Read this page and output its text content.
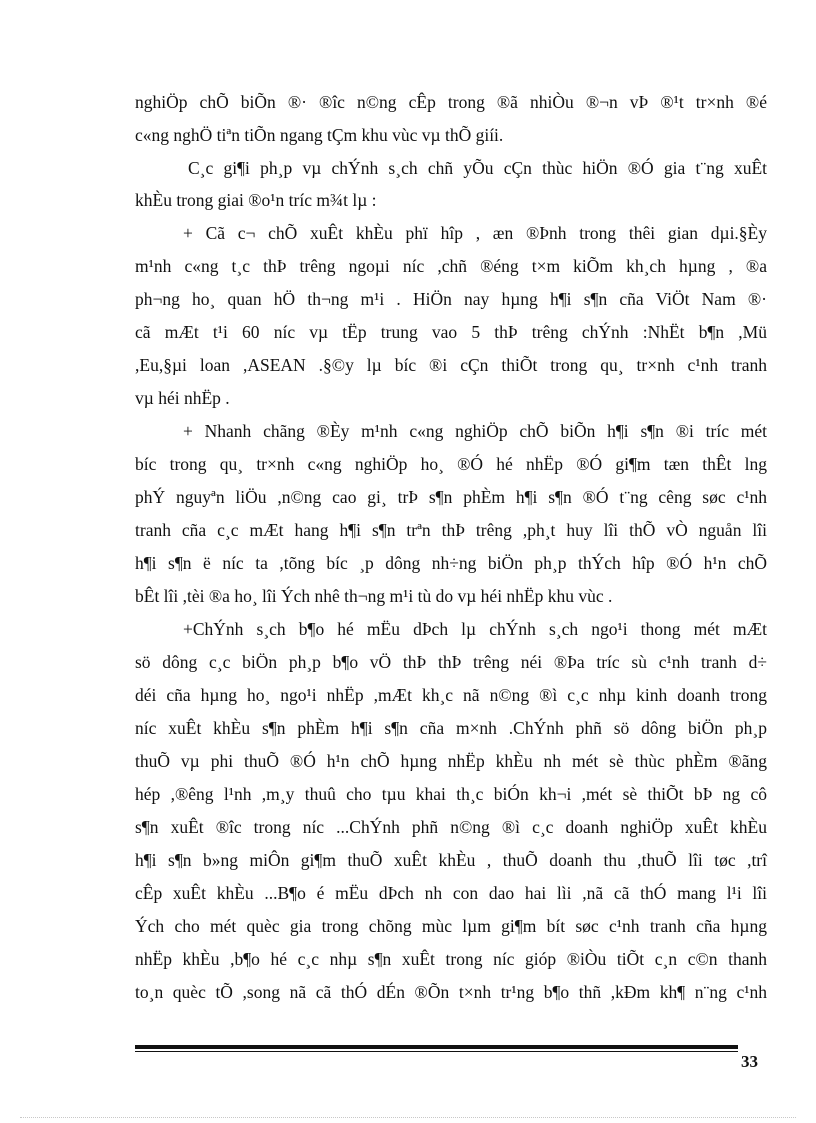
nghiÖp chÕ biÕn ®· ®îc n©ng cÊp trong ®ã nhiÒu ®¬n vÞ ®¹t tr×nh ®é
c«ng nghÖ tiªn tiÕn ngang tÇm khu vùc vµ thÕ giíi.
C¸c gi¶i ph¸p vµ chÝnh s¸ch chñ yÕu cÇn thùc hiÖn ®Ó gia t¨ng xuÊt
khÈu trong giai ®o¹n tríc m¾t lµ :
+ Cã c¬ chÕ xuÊt khÈu phï hîp , æn ®Þnh trong thêi gian dµi.§Èy
m¹nh c«ng t¸c thÞ trêng ngoµi níc ,chñ ®éng t×m kiÕm kh¸ch hµng , ®a
ph¬ng ho¸ quan hÖ th¬ng m¹i . HiÖn nay hµng h¶i s¶n cña ViÖt Nam ®·
cã mÆt t¹i 60 níc vµ tËp trung vao 5 thÞ trêng chÝnh :NhËt b¶n ,Mü
,Eu,§µi loan ,ASEAN .§©y lµ bíc ®i cÇn thiÕt trong qu¸ tr×nh c¹nh tranh
vµ héi nhËp .
+ Nhanh chãng ®Èy m¹nh c«ng nghiÖp chÕ biÕn h¶i s¶n ®i tríc mét
bíc trong qu¸ tr×nh c«ng nghiÖp ho¸ ®Ó hé nhËp ®Ó gi¶m tæn thÊt lng
phÝ nguyªn liÖu ,n©ng cao gi¸ trÞ s¶n phÈm h¶i s¶n ®Ó t¨ng cêng søc c¹nh
tranh cña c¸c mÆt hang h¶i s¶n trªn thÞ trêng ,ph¸t huy lîi thÕ vÒ nguån lîi
h¶i s¶n ë níc ta ,tõng bíc ¸p dông nh÷ng biÖn ph¸p thÝch hîp ®Ó h¹n chÕ
bÊt lîi ,tèi ®a ho¸ lîi Ých nhê th¬ng m¹i tù do vµ héi nhËp khu vùc .
+ChÝnh s¸ch b¶o hé mËu dÞch lµ chÝnh s¸ch ngo¹i thong mét mÆt
sö dông c¸c biÖn ph¸p b¶o vÖ thÞ thÞ trêng néi ®Þa tríc sù c¹nh tranh d÷
déi cña hµng ho¸ ngo¹i nhËp ,mÆt kh¸c nã n©ng ®ì c¸c nhµ kinh doanh trong
níc xuÊt khÈu s¶n phÈm h¶i s¶n cña m×nh .ChÝnh phñ sö dông biÖn ph¸p
thuÕ vµ phi thuÕ ®Ó h¹n chÕ hµng nhËp khÈu nh mét sè thùc phÈm ®ãng
hép ,®êng l¹nh ,m¸y thuû cho tµu khai th¸c biÓn kh¬i ,mét sè thiÕt bÞ ng cô
s¶n xuÊt ®îc trong níc ...ChÝnh phñ n©ng ®ì c¸c doanh nghiÖp xuÊt khÈu
h¶i s¶n b»ng miÔn gi¶m thuÕ xuÊt khÈu , thuÕ doanh thu ,thuÕ lîi tøc ,trî
cÊp xuÊt khÈu ...B¶o é mËu dÞch nh con dao hai lìi ,nã cã thÓ mang l¹i lîi
Ých cho mét quèc gia trong chõng mùc lµm gi¶m bít søc c¹nh tranh cña hµng
nhËp khÈu ,b¶o hé c¸c nhµ s¶n xuÊt trong níc gióp ®iÒu tiÕt c¸n c©n thanh
to¸n quèc tÕ ,song nã cã thÓ dÉn ®Õn t×nh tr¹ng b¶o thñ ,kÐm kh¶ n¨ng c¹nh
33
